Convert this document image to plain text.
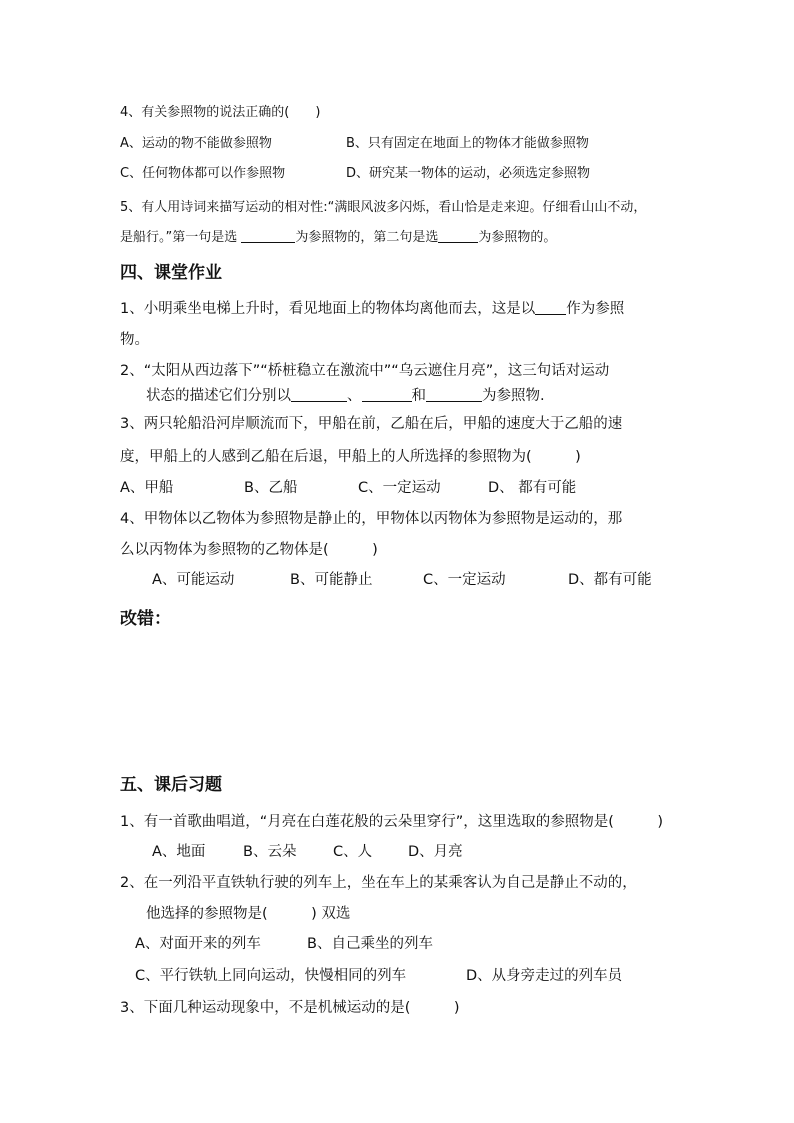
4、有关参照物的说法正确的(　　)
A、运动的物不能做参照物	B、只有固定在地面上的物体才能做参照物
C、任何物体都可以作参照物	D、研究某一物体的运动，必须选定参照物
5、有人用诗词来描写运动的相对性:“满眼风波多闪烁，看山恰是走来迎。仔细看山山不动，
是船行。”第一句是选	为参照物的，第二句是选	为参照物的。
四、课堂作业
1、小明乘坐电梯上升时，看见地面上的物体均离他而去，这是以 作为参照
物。
2、“太阳从西边落下”“桥桩稳立在激流中”“乌云遮住月亮”，这三句话对运动
状态的描述它们分别以	、	和	为参照物.
3、两只轮船沿河岸顺流而下，甲船在前，乙船在后，甲船的速度大于乙船的速
度，甲船上的人感到乙船在后退，甲船上的人所选择的参照物为(　　　)
A、甲船	B、乙船	C、一定运动	D、 都有可能
4、甲物体以乙物体为参照物是静止的，甲物体以丙物体为参照物是运动的，那
么以丙物体为参照物的乙物体是(　　　)
A、可能运动	B、可能静止	C、一定运动	D、都有可能
改错：
五、课后习题
1、有一首歌曲唱道，“月亮在白莲花般的云朵里穿行”，这里选取的参照物是(　　　)
A、地面	B、云朵	C、人 D、月亮
2、在一列沿平直铁轨行驶的列车上，坐在车上的某乘客认为自己是静止不动的，
他选择的参照物是(　　　) 双选
A、对面开来的列车	B、自己乘坐的列车
C、平行铁轨上同向运动，快慢相同的列车	D、从身旁走过的列车员
3、下面几种运动现象中，不是机械运动的是(　　　)
